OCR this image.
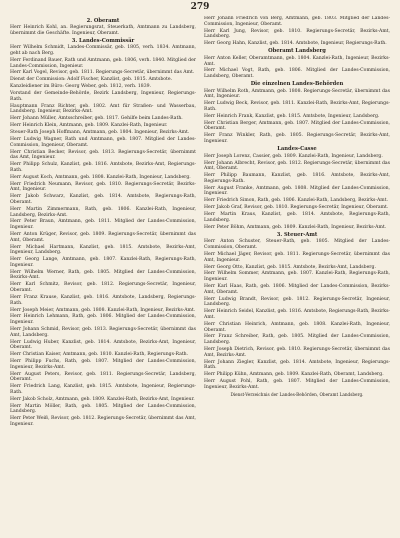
279

2. Oberamt

Herr Heinrich Kohl, an. Regierungsrat, Steuerkath, Amtmann zu Landsberg, übernimmt die Geschäfte. Ingenieur, Oberamt.

3. Landes-Commissär

Herr Wilhelm Schmidt, Landes-Commissär, geb. 1805, verh. 1834. Amtmann, geht ab nach Berg.

Herr Ferdinand Bauer, Rath und Amtmann, geb. 1806, verh. 1840. Mitglied der Landes-Commission, Ingenieur.

Herr Karl Vogel, Revisor, geb. 1811. Regierungs-Secretär, übernimmt das Amt.

Dienst der Commission: Adolf Fischer, Kanzlist, geb. 1815. Amtsbote.

Kanzleidiener im Büro: Georg Weber, geb. 1812, verh. 1839.

Vorstand der Gemeinde-Behörde, Bezirk Landsberg, Ingenieur, Regierungs-Rath.

Hauptmann Franz Richter, geb. 1802. Amt für Straßen- und Wasserbau, Landsberg. Ingenieur, Bezirks-Amt.

Herr Johann Müller, Amtsschreiber, geb. 1817. Gehilfe beim Landes-Rath.

Herr Heinrich Klein, Amtmann, geb. 1809. Kanzlei-Rath, Ingenieur.

Steuer-Rath Joseph Hoffmann, Amtmann, geb. 1804. Ingenieur, Bezirks-Amt.

Herr Ludwig Wagner, Rath und Amtmann, geb. 1807. Mitglied der Landes-Commission, Ingenieur, Oberamt.

Herr Christian Becker, Revisor, geb. 1813. Regierungs-Secretär, übernimmt das Amt, Ingenieur.

Herr Philipp Schulz, Kanzlist, geb. 1816. Amtsbote, Bezirks-Amt, Regierungs-Rath.

Herr August Koch, Amtmann, geb. 1808. Kanzlei-Rath, Ingenieur, Landsberg.

Herr Friedrich Neumann, Revisor, geb. 1810. Regierungs-Secretär, Bezirks-Amt, Ingenieur.

Herr Jakob Schwarz, Kanzlist, geb. 1814. Amtsbote, Regierungs-Rath, Oberamt.

Herr Martin Zimmermann, Rath, geb. 1806. Kanzlei-Rath, Ingenieur, Landsberg, Bezirks-Amt.

Herr Peter Braun, Amtmann, geb. 1811. Mitglied der Landes-Commission, Ingenieur.

Herr Anton Krüger, Revisor, geb. 1809. Regierungs-Secretär, übernimmt das Amt, Oberamt.

Herr Michael Hartmann, Kanzlist, geb. 1815. Amtsbote, Bezirks-Amt, Ingenieur, Landsberg.

Herr Georg Lange, Amtmann, geb. 1807. Kanzlei-Rath, Regierungs-Rath, Ingenieur.

Herr Wilhelm Werner, Rath, geb. 1805. Mitglied der Landes-Commission, Bezirks-Amt.

Herr Karl Schmitz, Revisor, geb. 1812. Regierungs-Secretär, Ingenieur, Oberamt.

Herr Franz Krause, Kanzlist, geb. 1816. Amtsbote, Landsberg, Regierungs-Rath.

Herr Joseph Meier, Amtmann, geb. 1808. Kanzlei-Rath, Ingenieur, Bezirks-Amt.

Herr Heinrich Lehmann, Rath, geb. 1806. Mitglied der Landes-Commission, Ingenieur.

Herr Johann Schmid, Revisor, geb. 1813. Regierungs-Secretär, übernimmt das Amt, Landsberg.

Herr Ludwig Huber, Kanzlist, geb. 1814. Amtsbote, Bezirks-Amt, Ingenieur, Oberamt.

Herr Christian Kaiser, Amtmann, geb. 1810. Kanzlei-Rath, Regierungs-Rath.

Herr Philipp Fuchs, Rath, geb. 1807. Mitglied der Landes-Commission, Ingenieur, Bezirks-Amt.

Herr August Peters, Revisor, geb. 1811. Regierungs-Secretär, Landsberg, Oberamt.

Herr Friedrich Lang, Kanzlist, geb. 1815. Amtsbote, Ingenieur, Regierungs-Rath.

Herr Jakob Scholz, Amtmann, geb. 1809. Kanzlei-Rath, Bezirks-Amt, Ingenieur.

Herr Martin Möller, Rath, geb. 1805. Mitglied der Landes-Commission, Landsberg.

Herr Peter Weiß, Revisor, geb. 1812. Regierungs-Secretär, übernimmt das Amt, Ingenieur.

Herr Johann Friedrich von Berg, Amtmann, geb. 1803. Mitglied der Landes-Commission, Ingenieur, Oberamt.

Herr Karl Jung, Revisor, geb. 1810. Regierungs-Secretär, Bezirks-Amt, Landsberg.

Herr Georg Hahn, Kanzlist, geb. 1814. Amtsbote, Ingenieur, Regierungs-Rath.

Oberamt Landsberg

Herr Anton Keller, Oberamtmann, geb. 1804. Kanzlei-Rath, Ingenieur, Bezirks-Amt.

Herr Michael Vogt, Rath, geb. 1806. Mitglied der Landes-Commission, Landsberg, Oberamt.

Die einzelnen Landes-Behörden

Herr Wilhelm Roth, Amtmann, geb. 1808. Regierungs-Secretär, übernimmt das Amt, Ingenieur.

Herr Ludwig Beck, Revisor, geb. 1811. Kanzlei-Rath, Bezirks-Amt, Regierungs-Rath.

Herr Heinrich Frank, Kanzlist, geb. 1815. Amtsbote, Ingenieur, Landsberg.

Herr Christian Berger, Amtmann, geb. 1807. Mitglied der Landes-Commission, Oberamt.

Herr Franz Winkler, Rath, geb. 1805. Regierungs-Secretär, Bezirks-Amt, Ingenieur.

Landes-Casse

Herr Joseph Lorenz, Cassier, geb. 1809. Kanzlei-Rath, Ingenieur, Landsberg.

Herr Johann Albrecht, Revisor, geb. 1812. Regierungs-Secretär, übernimmt das Amt, Oberamt.

Herr Philipp Baumann, Kanzlist, geb. 1816. Amtsbote, Bezirks-Amt, Regierungs-Rath.

Herr August Franke, Amtmann, geb. 1808. Mitglied der Landes-Commission, Ingenieur.

Herr Friedrich Simon, Rath, geb. 1806. Kanzlei-Rath, Landsberg, Bezirks-Amt.

Herr Jakob Graf, Revisor, geb. 1810. Regierungs-Secretär, Ingenieur, Oberamt.

Herr Martin Kraus, Kanzlist, geb. 1814. Amtsbote, Regierungs-Rath, Landsberg.

Herr Peter Böhm, Amtmann, geb. 1809. Kanzlei-Rath, Ingenieur, Bezirks-Amt.

3. Steuer-Amt

Herr Anton Schuster, Steuer-Rath, geb. 1805. Mitglied der Landes-Commission, Oberamt.

Herr Michael Jäger, Revisor, geb. 1811. Regierungs-Secretär, übernimmt das Amt, Ingenieur.

Herr Georg Otto, Kanzlist, geb. 1815. Amtsbote, Bezirks-Amt, Landsberg.

Herr Wilhelm Sommer, Amtmann, geb. 1807. Kanzlei-Rath, Regierungs-Rath, Ingenieur.

Herr Karl Haas, Rath, geb. 1806. Mitglied der Landes-Commission, Bezirks-Amt, Oberamt.

Herr Ludwig Brandt, Revisor, geb. 1812. Regierungs-Secretär, Ingenieur, Landsberg.

Herr Heinrich Seidel, Kanzlist, geb. 1816. Amtsbote, Regierungs-Rath, Bezirks-Amt.

Herr Christian Heinrich, Amtmann, geb. 1808. Kanzlei-Rath, Ingenieur, Oberamt.

Herr Franz Schreiber, Rath, geb. 1805. Mitglied der Landes-Commission, Landsberg.

Herr Joseph Dietrich, Revisor, geb. 1810. Regierungs-Secretär, übernimmt das Amt, Bezirks-Amt.

Herr Johann Ziegler, Kanzlist, geb. 1814. Amtsbote, Ingenieur, Regierungs-Rath.

Herr Philipp Kühn, Amtmann, geb. 1809. Kanzlei-Rath, Oberamt, Landsberg.

Herr August Pohl, Rath, geb. 1807. Mitglied der Landes-Commission, Ingenieur, Bezirks-Amt.

Dienst-Verzeichnis der Landes-Behörden, Oberamt Landsberg.
